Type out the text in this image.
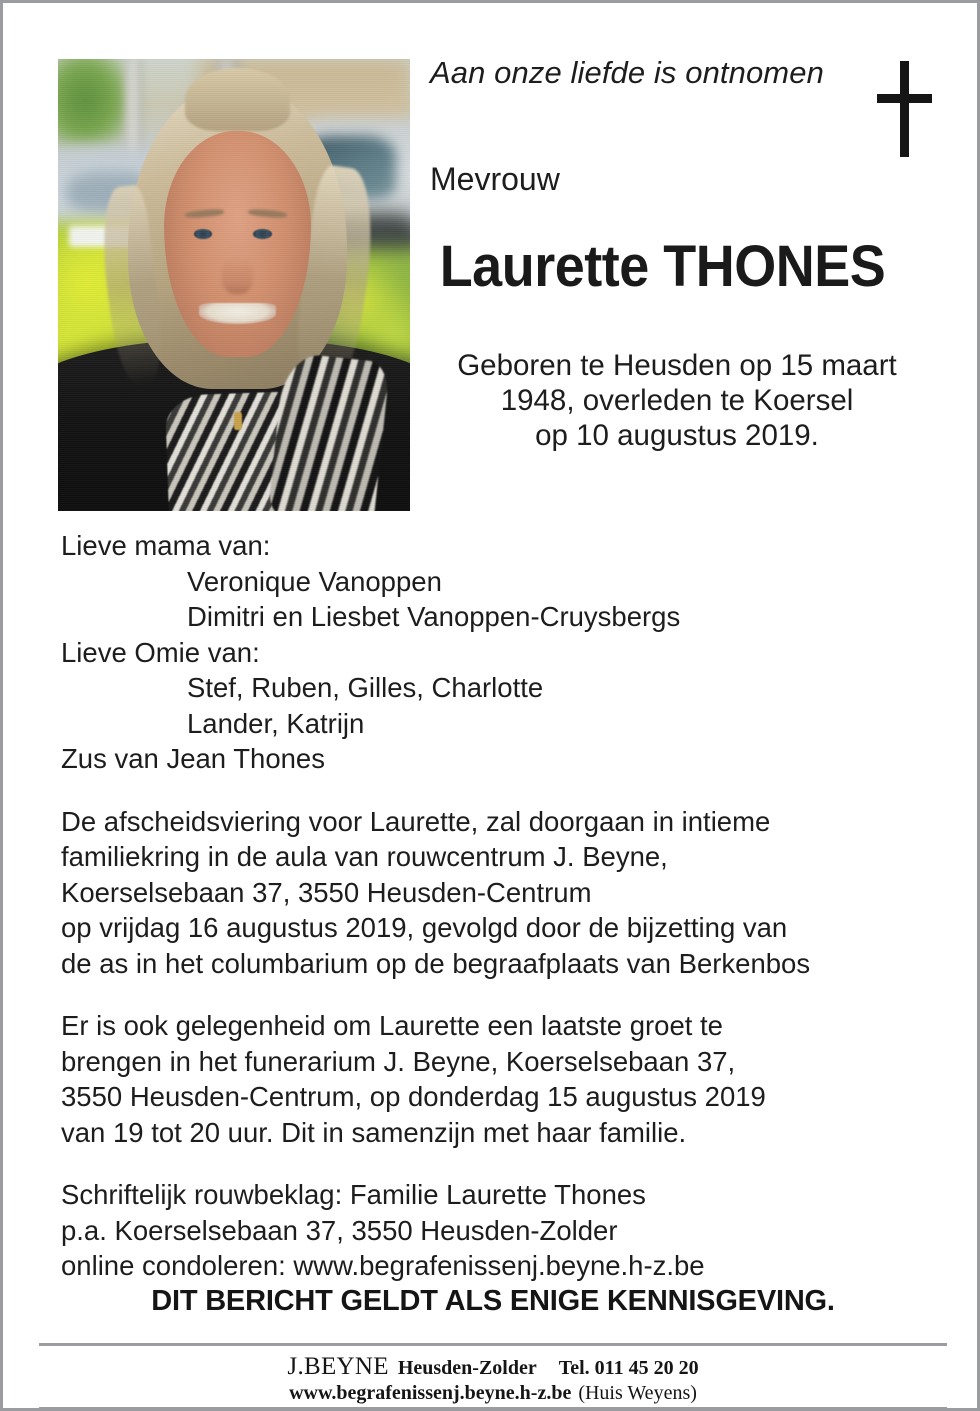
Aan onze liefde is ontnomen
Mevrouw
Laurette THONES
Geboren te Heusden op 15 maart
1948, overleden te Koersel
op 10 augustus 2019.
Lieve mama van:
Veronique Vanoppen
Dimitri en Liesbet Vanoppen-Cruysbergs
Lieve Omie van:
Stef, Ruben, Gilles, Charlotte
Lander, Katrijn
Zus van Jean Thones
De afscheidsviering voor Laurette, zal doorgaan in intieme
familiekring in de aula van rouwcentrum J. Beyne,
Koerselsebaan 37, 3550 Heusden-Centrum
op vrijdag 16 augustus 2019, gevolgd door de bijzetting van
de as in het columbarium op de begraafplaats van Berkenbos
Er is ook gelegenheid om Laurette een laatste groet te
brengen in het funerarium J. Beyne, Koerselsebaan 37,
3550 Heusden-Centrum, op donderdag 15 augustus 2019
van 19 tot 20 uur. Dit in samenzijn met haar familie.
Schriftelijk rouwbeklag: Familie Laurette Thones
p.a. Koerselsebaan 37, 3550 Heusden-Zolder
online condoleren: www.begrafenissenj.beyne.h-z.be
DIT BERICHT GELDT ALS ENIGE KENNISGEVING.
J.BEYNE Heusden-Zolder Tel. 011 45 20 20
www.begrafenissenj.beyne.h-z.be (Huis Weyens)
